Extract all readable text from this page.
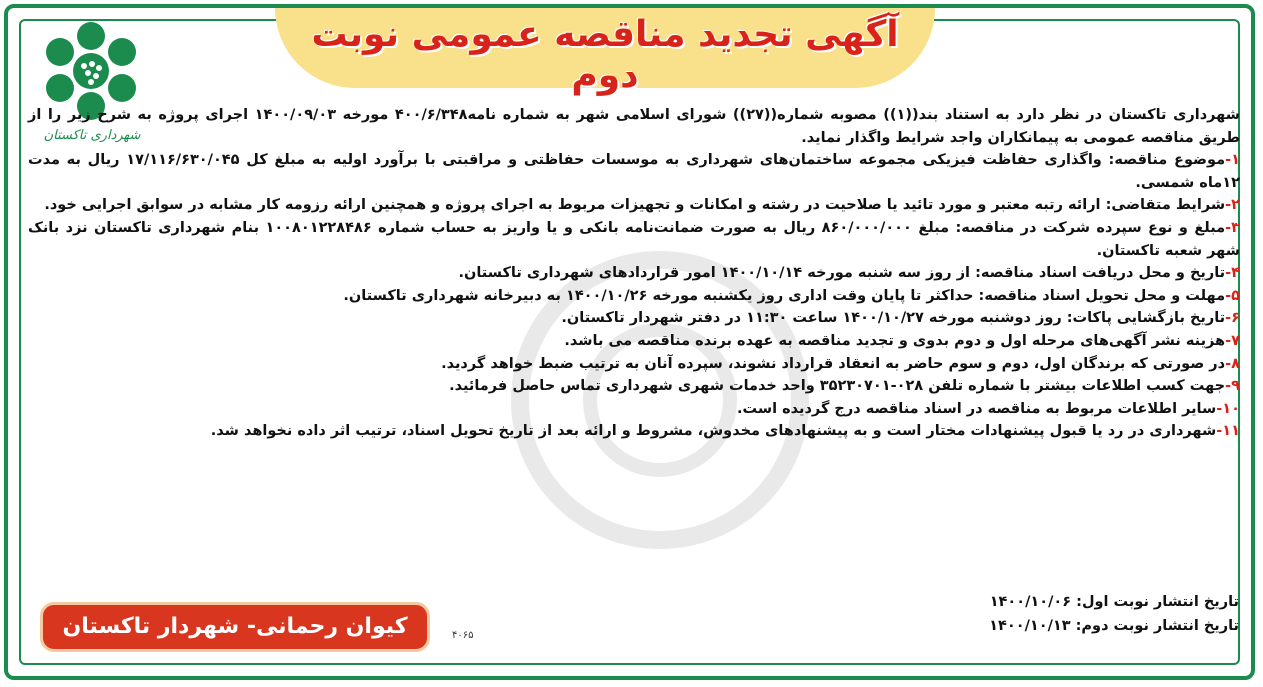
آگهی تجدید مناقصه عمومی نوبت دوم
شهرداری تاکستان

شهرداری تاکستان در نظر دارد به استناد بند((۱)) مصوبه شماره((۲۷)) شورای اسلامی شهر به شماره نامه۴۰۰/۶/۳۴۸ مورخه ۱۴۰۰/۰۹/۰۳ اجرای پروژه به شرح زیر را از طریق مناقصه عمومی به پیمانکاران واجد شرایط واگذار نماید.

۱-موضوع مناقصه: واگذاری حفاظت فیزیکی مجموعه ساختمان‌های شهرداری به موسسات حفاظتی و مراقبتی با برآورد اولیه به مبلغ کل ۱۷/۱۱۶/۶۳۰/۰۴۵ ریال به مدت ۱۲ماه شمسی.

۲-شرایط متقاضی: ارائه رتبه معتبر و مورد تائید یا صلاحیت در رشته و امکانات و تجهیزات مربوط به اجرای پروژه و همچنین ارائه رزومه کار مشابه در سوابق اجرایی خود.

۳-مبلغ و نوع سپرده شرکت در مناقصه: مبلغ ۸۶۰/۰۰۰/۰۰۰ ریال به صورت ضمانت‌نامه بانکی و یا واریز به حساب شماره ۱۰۰۸۰۱۲۲۸۴۸۶ بنام شهرداری تاکستان نزد بانک شهر شعبه تاکستان.

۴-تاریخ و محل دریافت اسناد مناقصه: از روز سه شنبه مورخه ۱۴۰۰/۱۰/۱۴ امور قراردادهای شهرداری تاکستان.

۵-مهلت و محل تحویل اسناد مناقصه: حداکثر تا پایان وقت اداری روز یکشنبه مورخه ۱۴۰۰/۱۰/۲۶ به دبیرخانه شهرداری تاکستان.

۶-تاریخ بازگشایی پاکات: روز دوشنبه مورخه ۱۴۰۰/۱۰/۲۷ ساعت ۱۱:۳۰ در دفتر شهردار تاکستان.

۷-هزینه نشر آگهی‌های مرحله اول و دوم بدوی و تجدید مناقصه به عهده برنده مناقصه می باشد.

۸-در صورتی که برندگان اول، دوم و سوم حاضر به انعقاد قرارداد نشوند، سپرده آنان به ترتیب ضبط خواهد گردید.

۹-جهت کسب اطلاعات بیشتر با شماره تلفن ۰۲۸-۳۵۲۳۰۷۰۱ واحد خدمات شهری شهرداری تماس حاصل فرمائید.

۱۰-سایر اطلاعات مربوط به مناقصه در اسناد مناقصه درج گردیده است.

۱۱-شهرداری در رد یا قبول پیشنهادات مختار است و به پیشنهادهای مخدوش، مشروط و ارائه بعد از تاریخ تحویل اسناد، ترتیب اثر داده نخواهد شد.

تاریخ انتشار نوبت اول: ۱۴۰۰/۱۰/۰۶
تاریخ انتشار نوبت دوم: ۱۴۰۰/۱۰/۱۳
کیوان رحمانی- شهردار تاکستان	۴۰۶۵
